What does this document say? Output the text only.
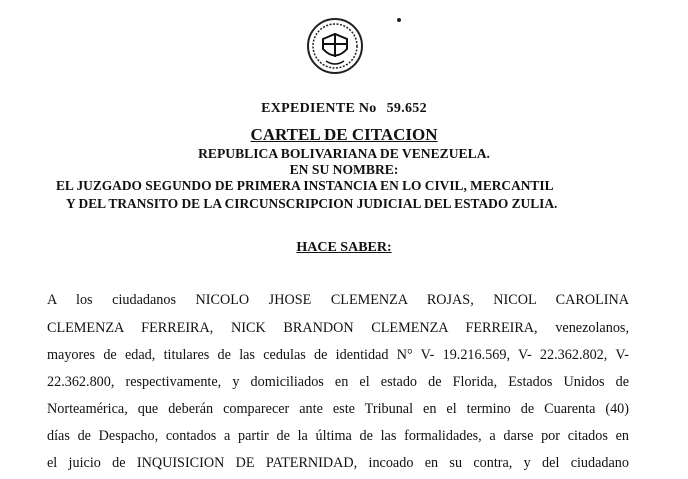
EXPEDIENTE No 59.652
CARTEL DE CITACION
REPUBLICA BOLIVARIANA DE VENEZUELA.
EN SU NOMBRE:
EL JUZGADO SEGUNDO DE PRIMERA INSTANCIA EN LO CIVIL, MERCANTIL
Y DEL TRANSITO DE LA CIRCUNSCRIPCION JUDICIAL DEL ESTADO ZULIA.
HACE SABER:
A los ciudadanos NICOLO JHOSE CLEMENZA ROJAS, NICOL CAROLINA
CLEMENZA FERREIRA, NICK BRANDON CLEMENZA FERREIRA, venezolanos,
mayores de edad, titulares de las cedulas de identidad N° V- 19.216.569, V- 22.362.802, V-
22.362.800, respectivamente, y domiciliados en el estado de Florida, Estados Unidos de
Norteamérica, que deberán comparecer ante este Tribunal en el termino de Cuarenta (40)
días de Despacho, contados a partir de la última de las formalidades, a darse por citados en
el juicio de INQUISICION DE PATERNIDAD, incoado en su contra, y del ciudadano
